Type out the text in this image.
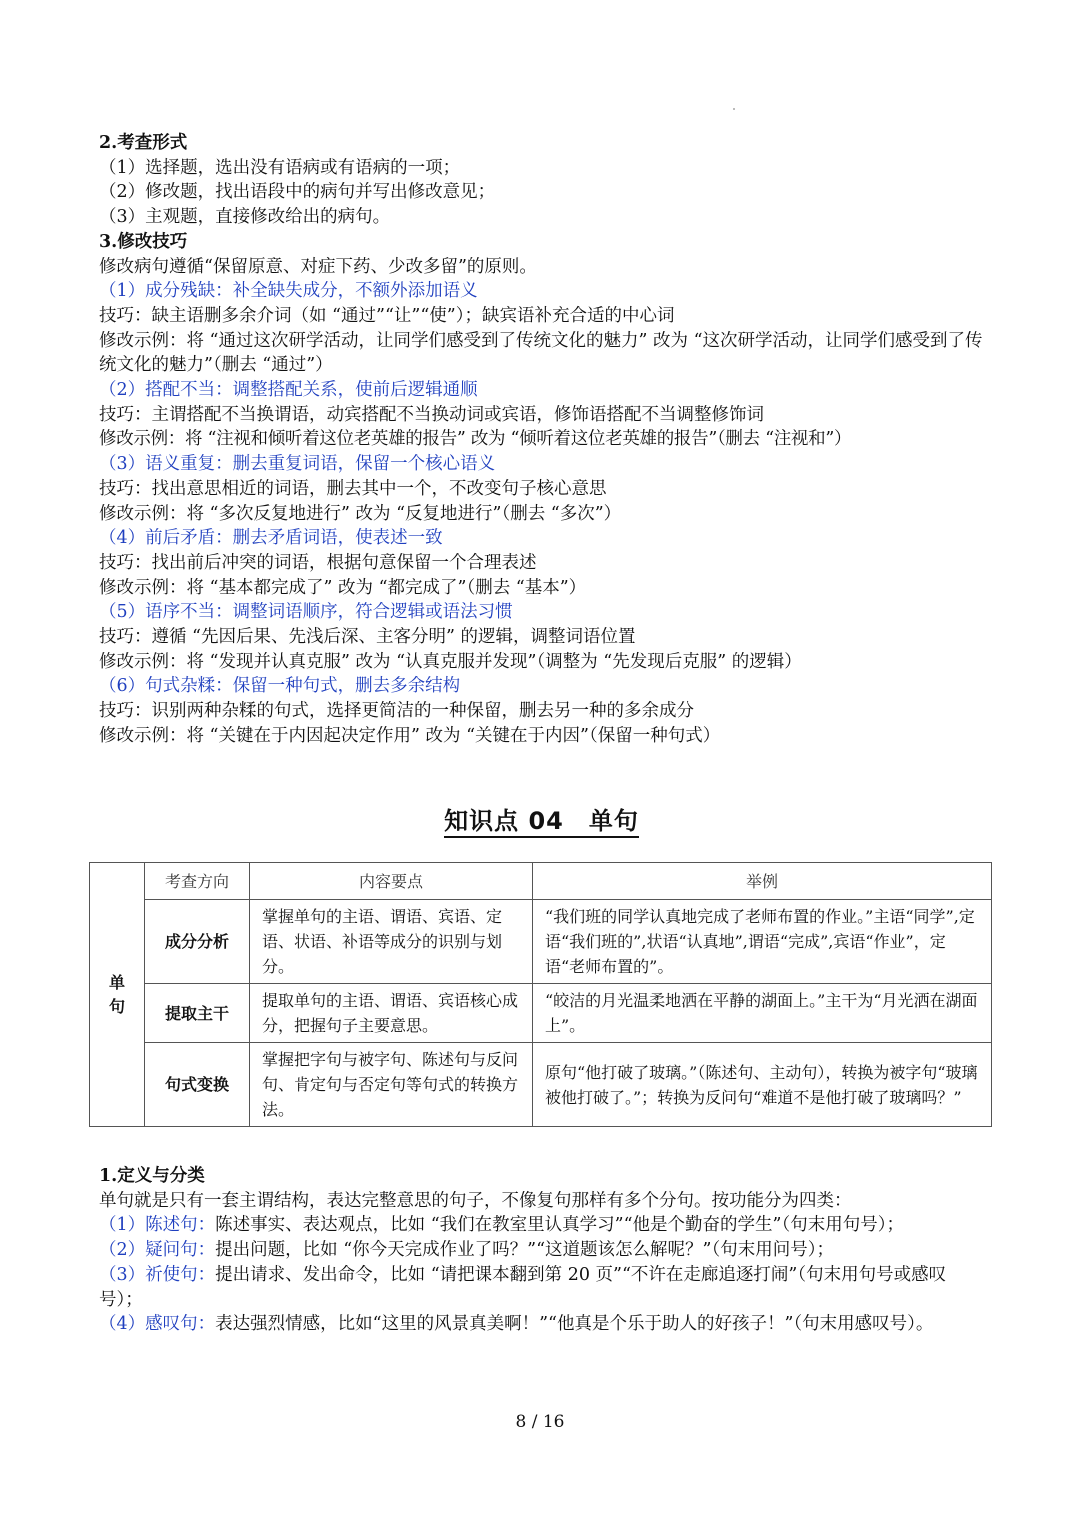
2.考查形式
（1）选择题，选出没有语病或有语病的一项；
（2）修改题，找出语段中的病句并写出修改意见；
（3）主观题，直接修改给出的病句。
3.修改技巧
修改病句遵循“保留原意、对症下药、少改多留”的原则。
（1）成分残缺：补全缺失成分，不额外添加语义
技巧：缺主语删多余介词（如 “通过”“让”“使”）；缺宾语补充合适的中心词
修改示例：将 “通过这次研学活动，让同学们感受到了传统文化的魅力” 改为 “这次研学活动，让同学们感受到了传统文化的魅力”（删去 “通过”）
（2）搭配不当：调整搭配关系，使前后逻辑通顺
技巧：主谓搭配不当换谓语，动宾搭配不当换动词或宾语，修饰语搭配不当调整修饰词
修改示例：将 “注视和倾听着这位老英雄的报告” 改为 “倾听着这位老英雄的报告”（删去 “注视和”）
（3）语义重复：删去重复词语，保留一个核心语义
技巧：找出意思相近的词语，删去其中一个，不改变句子核心意思
修改示例：将 “多次反复地进行” 改为 “反复地进行”（删去 “多次”）
（4）前后矛盾：删去矛盾词语，使表述一致
技巧：找出前后冲突的词语，根据句意保留一个合理表述
修改示例：将 “基本都完成了” 改为 “都完成了”（删去 “基本”）
（5）语序不当：调整词语顺序，符合逻辑或语法习惯
技巧：遵循 “先因后果、先浅后深、主客分明” 的逻辑，调整词语位置
修改示例：将 “发现并认真克服” 改为 “认真克服并发现”（调整为 “先发现后克服” 的逻辑）
（6）句式杂糅：保留一种句式，删去多余结构
技巧：识别两种杂糅的句式，选择更简洁的一种保留，删去另一种的多余成分
修改示例：将 “关键在于内因起决定作用” 改为 “关键在于内因”（保留一种句式）
知识点 04　单句
单句	考查方向	内容要点	举例
	成分分析	掌握单句的主语、谓语、宾语、定语、状语、补语等成分的识别与划分。	“我们班的同学认真地完成了老师布置的作业。”主语“同学”,定语“我们班的”,状语“认真地”,谓语“完成”,宾语“作业”，定语“老师布置的”。
	提取主干	提取单句的主语、谓语、宾语核心成分，把握句子主要意思。	“皎洁的月光温柔地洒在平静的湖面上。”主干为“月光洒在湖面上”。
	句式变换	掌握把字句与被字句、陈述句与反问句、肯定句与否定句等句式的转换方法。	原句“他打破了玻璃。”（陈述句、主动句），转换为被字句“玻璃被他打破了。”；转换为反问句“难道不是他打破了玻璃吗？”
1.定义与分类
单句就是只有一套主谓结构，表达完整意思的句子，不像复句那样有多个分句。按功能分为四类：
（1）陈述句：陈述事实、表达观点，比如 “我们在教室里认真学习”“他是个勤奋的学生”（句末用句号）；
（2）疑问句：提出问题，比如 “你今天完成作业了吗？”“这道题该怎么解呢？”（句末用问号）；
（3）祈使句：提出请求、发出命令，比如 “请把课本翻到第 20 页”“不许在走廊追逐打闹”（句末用句号或感叹号）；
（4）感叹句：表达强烈情感，比如“这里的风景真美啊！”“他真是个乐于助人的好孩子！”（句末用感叹号）。
8 / 16
